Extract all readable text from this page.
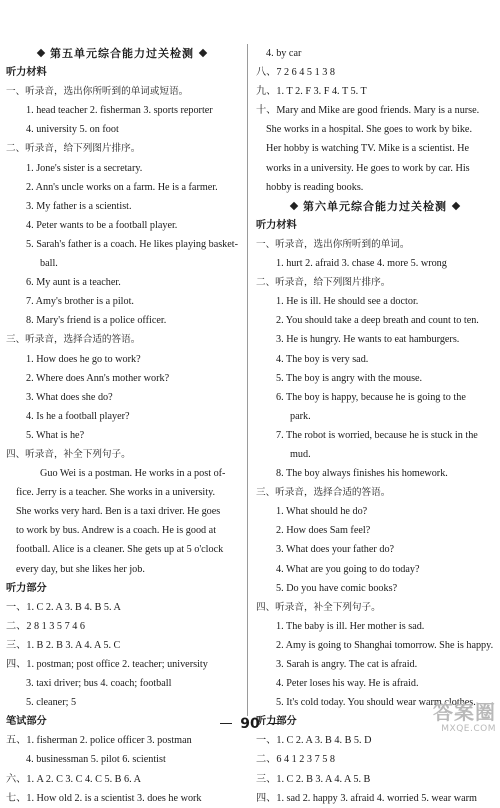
第五单元综合能力过关检测
听力材料
一、听录音，选出你所听到的单词或短语。
1. head teacher 2. fisherman 3. sports reporter
4. university 5. on foot
二、听录音，给下列图片排序。
1. Jone's sister is a secretary.
2. Ann's uncle works on a farm. He is a farmer.
3. My father is a scientist.
4. Peter wants to be a football player.
5. Sarah's father is a coach. He likes playing basket-
ball.
6. My aunt is a teacher.
7. Amy's brother is a pilot.
8. Mary's friend is a police officer.
三、听录音，选择合适的答语。
1. How does he go to work?
2. Where does Ann's mother work?
3. What does she do?
4. Is he a football player?
5. What is he?
四、听录音，补全下列句子。
Guo Wei is a postman. He works in a post of-
fice. Jerry is a teacher. She works in a university.
She works very hard. Ben is a taxi driver. He goes
to work by bus. Andrew is a coach. He is good at
football. Alice is a cleaner. She gets up at 5 o'clock
every day, but she likes her job.
听力部分
一、1. C 2. A 3. B 4. B 5. A
二、2 8 1 3 5 7 4 6
三、1. B 2. B 3. A 4. A 5. C
四、1. postman; post office 2. teacher; university
3. taxi driver; bus 4. coach; football
5. cleaner; 5
笔试部分
五、1. fisherman 2. police officer 3. postman
4. businessman 5. pilot 6. scientist
六、1. A 2. C 3. C 4. C 5. B 6. A
七、1. How old 2. is a scientist 3. does he work
4. by car
八、7 2 6 4 5 1 3 8
九、1. T 2. F 3. F 4. T 5. T
十、Mary and Mike are good friends. Mary is a nurse.
She works in a hospital. She goes to work by bike.
Her hobby is watching TV. Mike is a scientist. He
works in a university. He goes to work by car. His
hobby is reading books.
第六单元综合能力过关检测
听力材料
一、听录音，选出你所听到的单词。
1. hurt 2. afraid 3. chase 4. more 5. wrong
二、听录音，给下列图片排序。
1. He is ill. He should see a doctor.
2. You should take a deep breath and count to ten.
3. He is hungry. He wants to eat hamburgers.
4. The boy is very sad.
5. The boy is angry with the mouse.
6. The boy is happy, because he is going to the
park.
7. The robot is worried, because he is stuck in the
mud.
8. The boy always finishes his homework.
三、听录音，选择合适的答语。
1. What should he do?
2. How does Sam feel?
3. What does your father do?
4. What are you going to do today?
5. Do you have comic books?
四、听录音，补全下列句子。
1. The baby is ill. Her mother is sad.
2. Amy is going to Shanghai tomorrow. She is happy.
3. Sarah is angry. The cat is afraid.
4. Peter loses his way. He is afraid.
5. It's cold today. You should wear warm clothes.
听力部分
一、1. C 2. A 3. B 4. B 5. D
二、6 4 1 2 3 7 5 8
三、1. C 2. B 3. A 4. A 5. B
四、1. sad 2. happy 3. afraid 4. worried 5. wear warm
90	答案圈
MXQE.COM
